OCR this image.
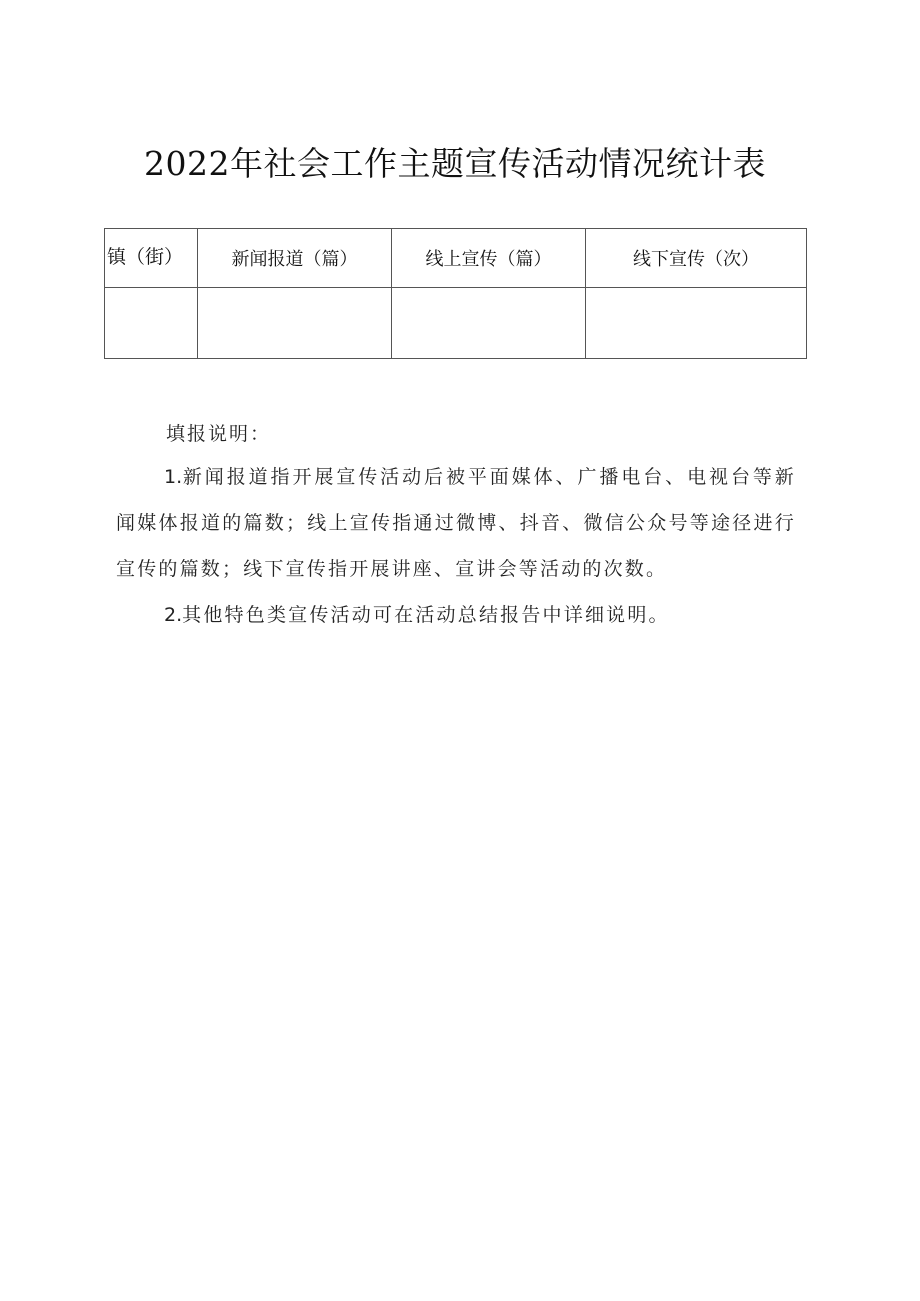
2022年社会工作主题宣传活动情况统计表
镇（街）	新闻报道（篇）	线上宣传（篇）	线下宣传（次）

填报说明：

1.新闻报道指开展宣传活动后被平面媒体、广播电台、电视台等新闻媒体报道的篇数；线上宣传指通过微博、抖音、微信公众号等途径进行宣传的篇数；线下宣传指开展讲座、宣讲会等活动的次数。

2.其他特色类宣传活动可在活动总结报告中详细说明。
